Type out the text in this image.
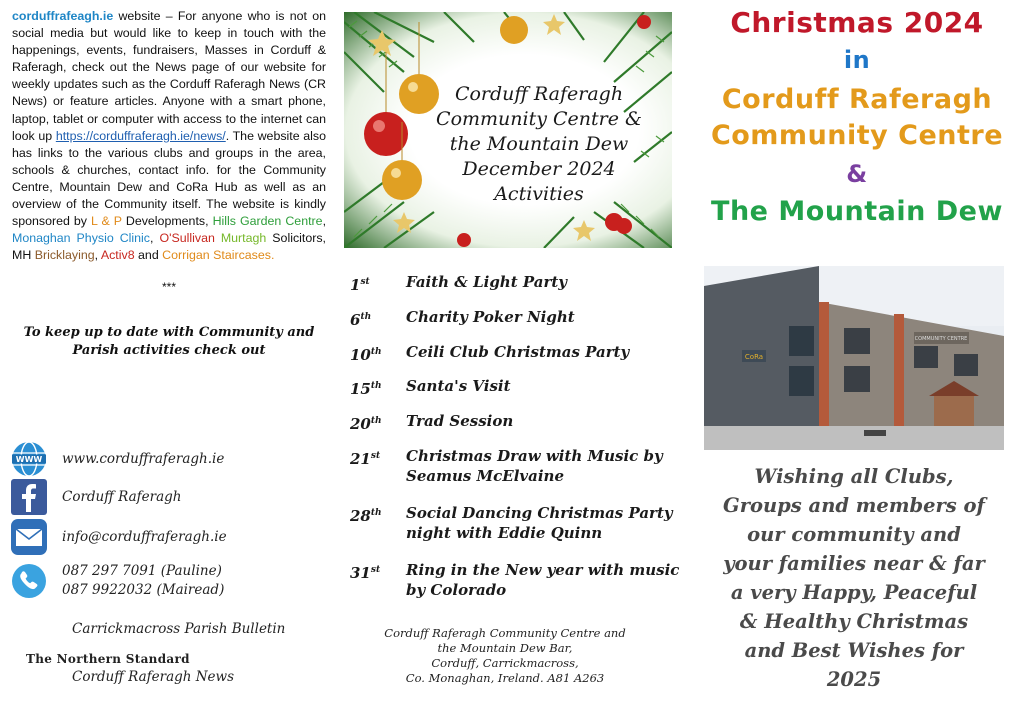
corduffrafeagh.ie website – For anyone who is not on social media but would like to keep in touch with the happenings, events, fundraisers, Masses in Corduff & Raferagh, check out the News page of our website for weekly updates such as the Corduff Raferagh News (CR News) or feature articles. Anyone with a smart phone, laptop, tablet or computer with access to the internet can look up https://corduffraferagh.ie/news/. The website also has links to the various clubs and groups in the area, schools & churches, contact info. for the Community Centre, Mountain Dew and CoRa Hub as well as an overview of the Community itself. The website is kindly sponsored by L & P Developments, Hills Garden Centre, Monaghan Physio Clinic, O'Sullivan Murtagh Solicitors, MH Bricklaying, Activ8 and Corrigan Staircases.
***
To keep up to date with Community and Parish activities check out
WWW www.corduffraferagh.ie
Corduff Raferagh
info@corduffraferagh.ie
087 297 7091 (Pauline)
087 9922032 (Mairead)
Carrickmacross Parish Bulletin
The Northern Standard
Corduff Raferagh News
Corduff Raferagh
Community Centre &
the Mountain Dew
December 2024
Activities
1st	Faith & Light Party
6th	Charity Poker Night
10th	Ceili Club Christmas Party
15th	Santa's Visit
20th	Trad Session
21st	Christmas Draw with Music by Seamus McElvaine
28th	Social Dancing Christmas Party night with Eddie Quinn
31st	Ring in the New year with music by Colorado
Corduff Raferagh Community Centre and
the Mountain Dew Bar,
Corduff, Carrickmacross,
Co. Monaghan, Ireland. A81 A263
Christmas 2024
in
Corduff Raferagh
Community Centre
&
The Mountain Dew
CoRa
COMMUNITY CENTRE
Wishing all Clubs,
Groups and members of
our community and
your families near & far
a very Happy, Peaceful
& Healthy Christmas
and Best Wishes for
2025
